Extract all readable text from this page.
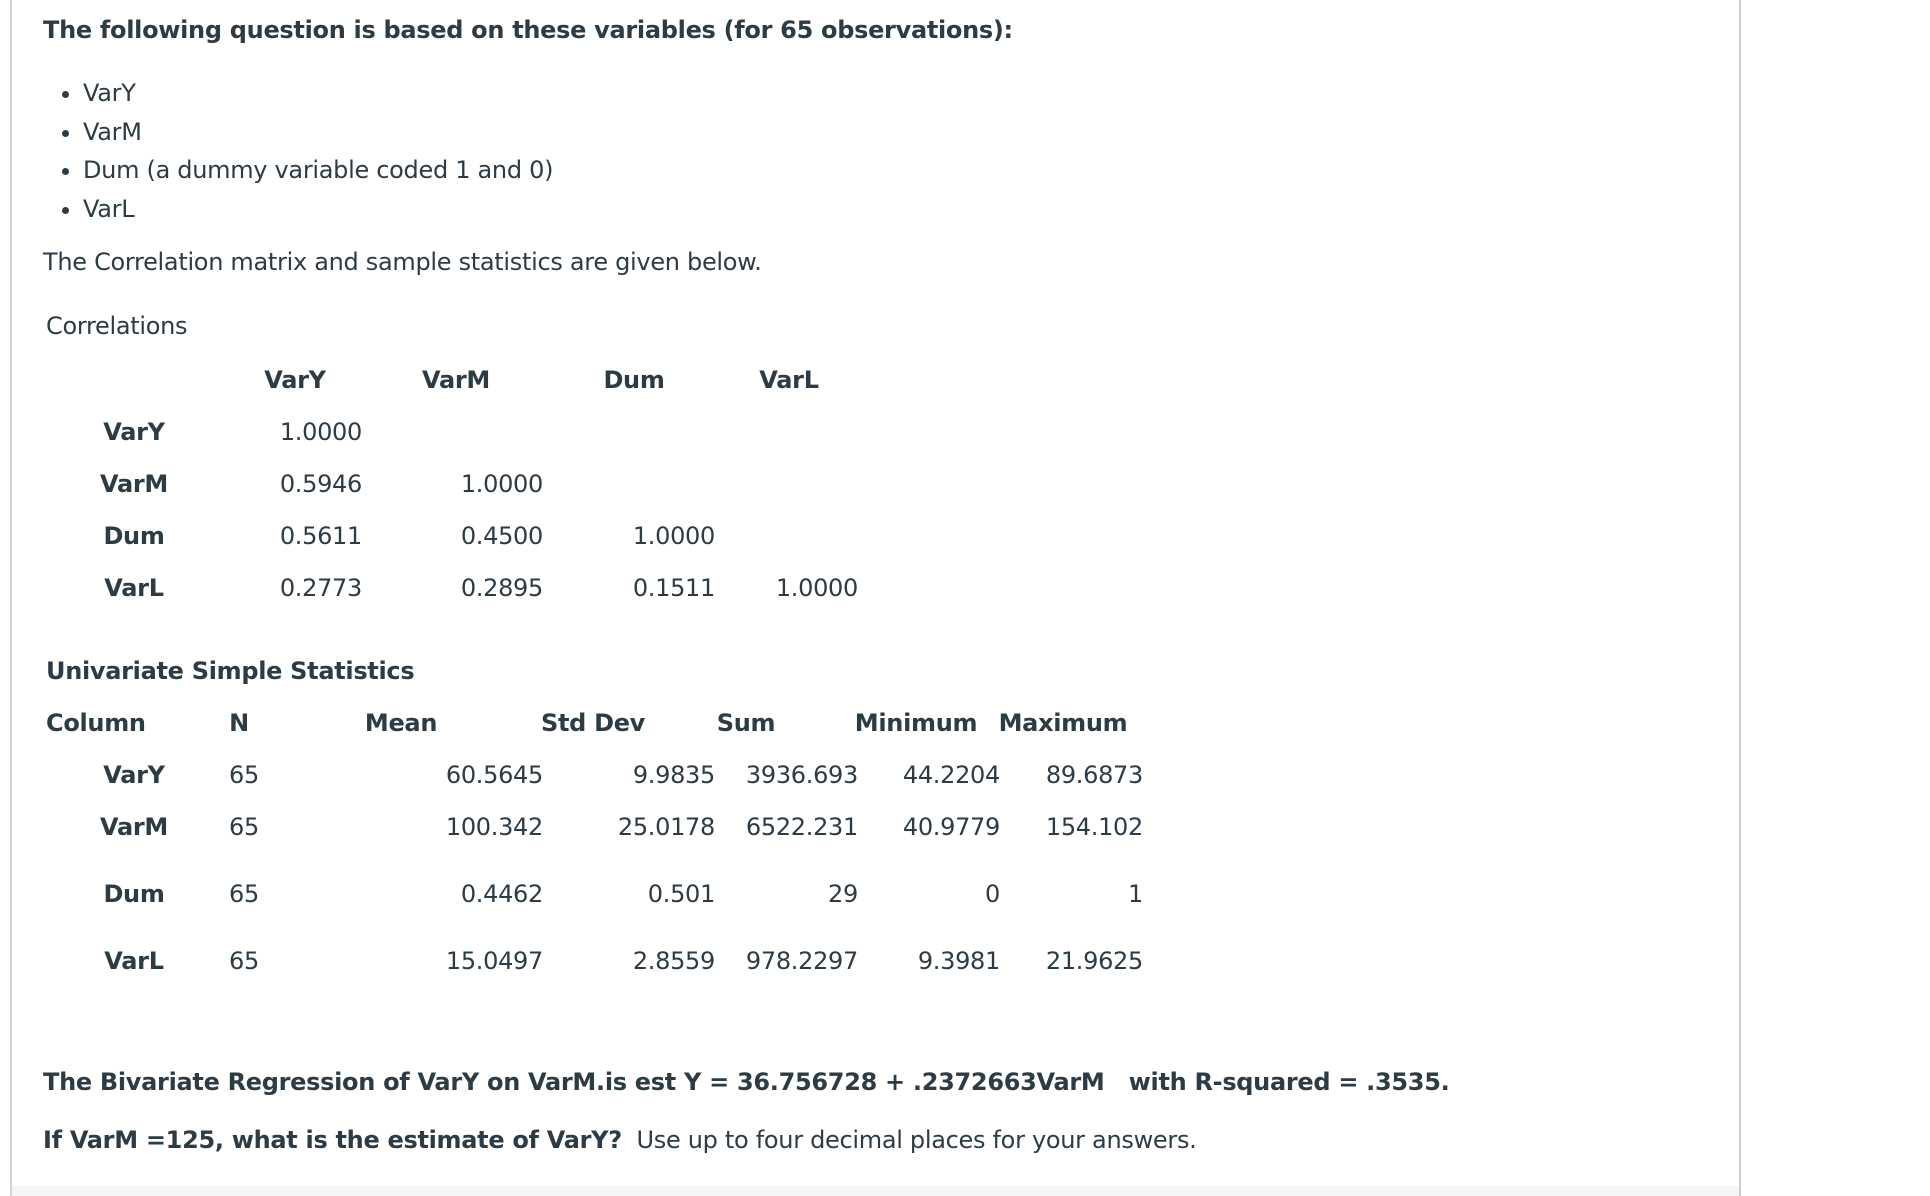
The following question is based on these variables (for 65 observations):
• VarY
• VarM
• Dum (a dummy variable coded 1 and 0)
• VarL
The Correlation matrix and sample statistics are given below.
Correlations
VarY	VarM	Dum	VarL
VarY	1.0000
VarM	0.5946	1.0000
Dum	0.5611	0.4500	1.0000
VarL	0.2773	0.2895	0.1511	1.0000
Univariate Simple Statistics
Column	N	Mean	Std Dev	Sum	Minimum Maximum
VarY	65	60.5645	9.9835 3936.693 44.2204 89.6873
VarM	65	100.342	25.0178 6522.231 40.9779 154.102
Dum	65	0.4462	0.501	29	0	1
VarL	65	15.0497	2.8559 978.2297 9.3981 21.9625
The Bivariate Regression of VarY on VarM.is est Y = 36.756728 + .2372663VarM   with R-squared = .3535.
If VarM =125, what is the estimate of VarY?  Use up to four decimal places for your answers.
